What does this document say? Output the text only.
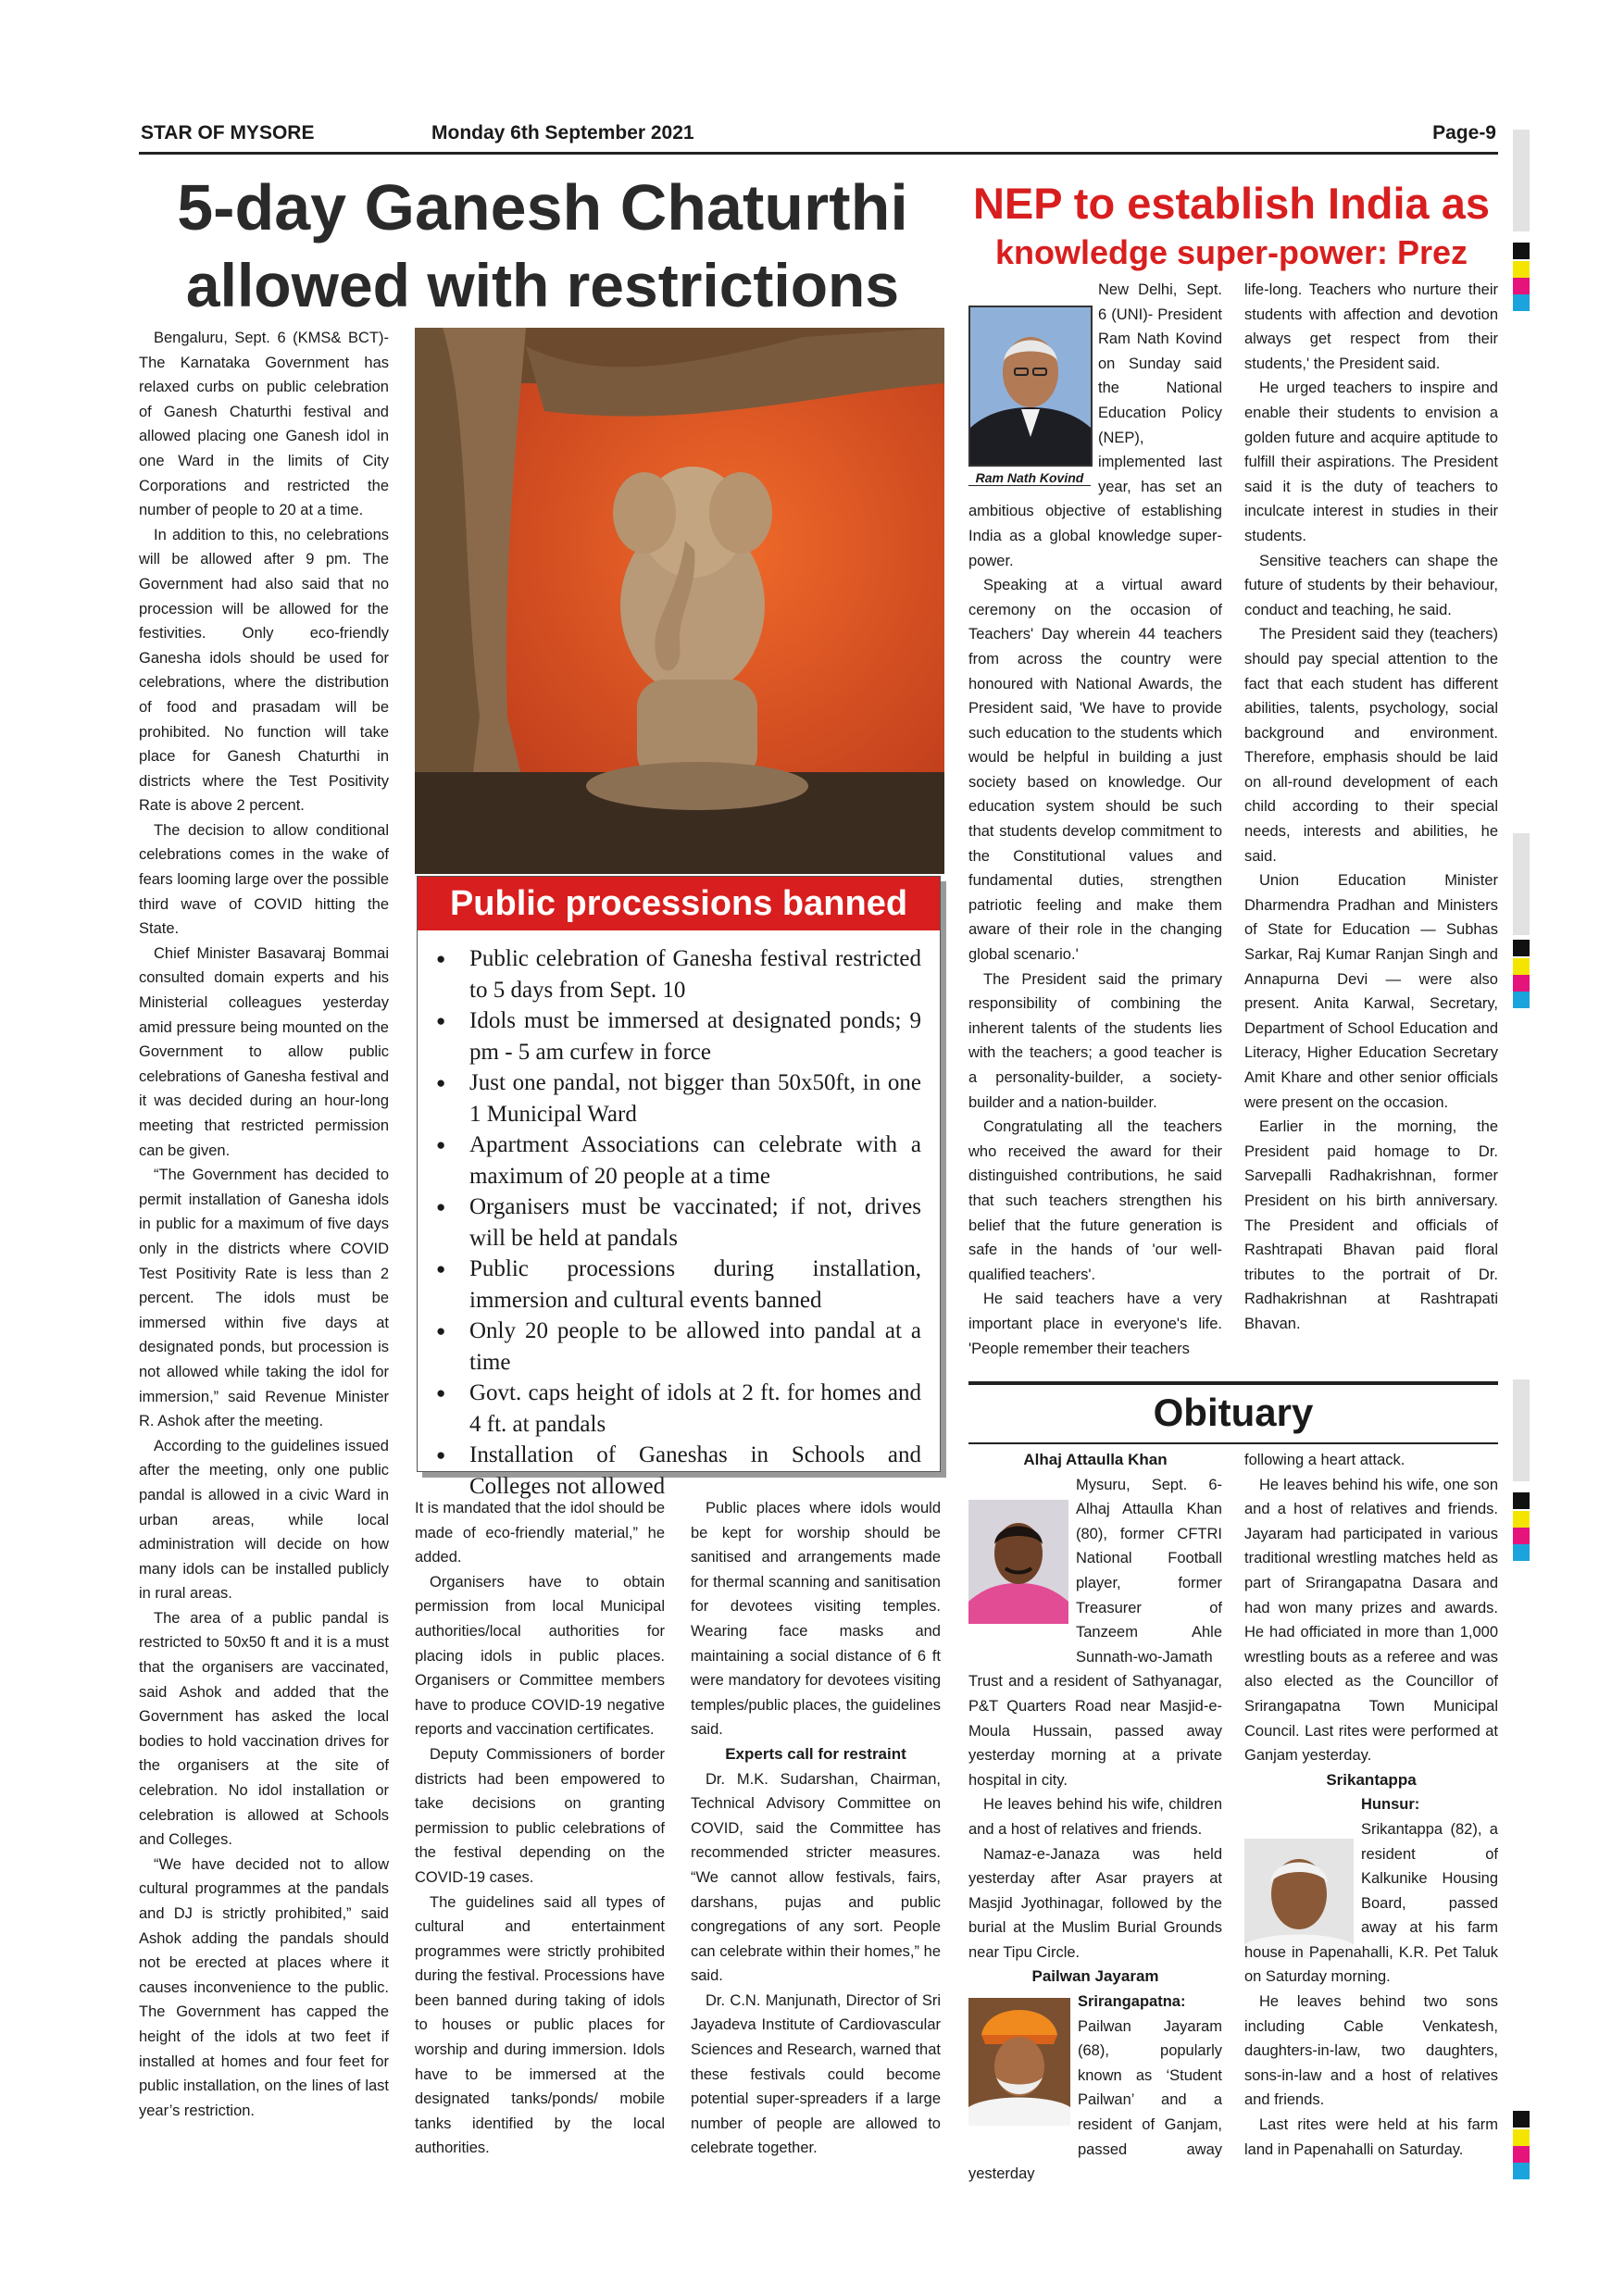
STAR OF MYSORE	Monday 6th September 2021	Page-9
5-day Ganesh Chaturthi
allowed with restrictions

Bengaluru, Sept. 6 (KMS& BCT)- The Karnataka Government has relaxed curbs on public celebration of Ganesh Chaturthi festival and allowed placing one Ganesh idol in one Ward in the limits of City Corporations and restricted the number of people to 20 at a time.

In addition to this, no celebrations will be allowed after 9 pm. The Government had also said that no procession will be allowed for the festivities. Only eco-friendly Ganesha idols should be used for celebrations, where the distribution of food and prasadam will be prohibited. No function will take place for Ganesh Chaturthi in districts where the Test Positivity Rate is above 2 percent.

The decision to allow conditional celebrations comes in the wake of fears looming large over the possible third wave of COVID hitting the State.

Chief Minister Basavaraj Bommai consulted domain experts and his Ministerial colleagues yesterday amid pressure being mounted on the Government to allow public celebrations of Ganesha festival and it was decided during an hour-long meeting that restricted permission can be given.

“The Government has decided to permit installation of Ganesha idols in public for a maximum of five days only in the districts where COVID Test Positivity Rate is less than 2 percent. The idols must be immersed within five days at designated ponds, but procession is not allowed while taking the idol for immersion,” said Revenue Minister R. Ashok after the meeting.

According to the guidelines issued after the meeting, only one public pandal is allowed in a civic Ward in urban areas, while local administration will decide on how many idols can be installed publicly in rural areas.

The area of a public pandal is restricted to 50x50 ft and it is a must that the organisers are vaccinated, said Ashok and added that the Government has asked the local bodies to hold vaccination drives for the organisers at the site of celebration. No idol installation or celebration is allowed at Schools and Colleges.

“We have decided not to allow cultural programmes at the pandals and DJ is strictly prohibited,” said Ashok adding the pandals should not be erected at places where it causes inconvenience to the public. The Government has capped the height of the idols at two feet if installed at homes and four feet for public installation, on the lines of last year’s restriction.

Public processions banned
● Public celebration of Ganesha festival restricted to 5 days from Sept. 10
● Idols must be immersed at designated ponds; 9 pm - 5 am curfew in force
● Just one pandal, not bigger than 50x50ft, in one 1 Municipal Ward
● Apartment Associations can celebrate with a maximum of 20 people at a time
● Organisers must be vaccinated; if not, drives will be held at pandals
● Public processions during installation, immersion and cultural events banned
● Only 20 people to be allowed into pandal at a time
● Govt. caps height of idols at 2 ft. for homes and 4 ft. at pandals
● Installation of Ganeshas in Schools and Colleges not allowed

It is mandated that the idol should be made of eco-friendly material,” he added.

Organisers have to obtain permission from local Municipal authorities/local authorities for placing idols in public places. Organisers or Committee members have to produce COVID-19 negative reports and vaccination certificates.

Deputy Commissioners of border districts had been empowered to take decisions on granting permission to public celebrations of the festival depending on the COVID-19 cases.

The guidelines said all types of cultural and entertainment programmes were strictly prohibited during the festival. Processions have been banned during taking of idols to houses or public places for worship and during immersion. Idols have to be immersed at the designated tanks/ponds/ mobile tanks identified by the local authorities.

Public places where idols would be kept for worship should be sanitised and arrangements made for thermal scanning and sanitisation for devotees visiting temples. Wearing face masks and maintaining a social distance of 6 ft were mandatory for devotees visiting temples/public places, the guidelines said.

Experts call for restraint

Dr. M.K. Sudarshan, Chairman, Technical Advisory Committee on COVID, said the Committee has recommended stricter measures. “We cannot allow festivals, fairs, darshans, pujas and public congregations of any sort. People can celebrate within their homes,” he said.

Dr. C.N. Manjunath, Director of Sri Jayadeva Institute of Cardiovascular Sciences and Research, warned that these festivals could become potential super-spreaders if a large number of people are allowed to celebrate together.

NEP to establish India as
knowledge super-power: Prez
Ram Nath Kovind

New Delhi, Sept. 6 (UNI)- President Ram Nath Kovind on Sunday said the National Education Policy (NEP), implemented last year, has set an ambitious objective of establishing India as a global knowledge super-power.

Speaking at a virtual award ceremony on the occasion of Teachers' Day wherein 44 teachers from across the country were honoured with National Awards, the President said, 'We have to provide such education to the students which would be helpful in building a just society based on knowledge. Our education system should be such that students develop commitment to the Constitutional values and fundamental duties, strengthen patriotic feeling and make them aware of their role in the changing global scenario.'

The President said the primary responsibility of combining the inherent talents of the students lies with the teachers; a good teacher is a personality-builder, a society-builder and a nation-builder.

Congratulating all the teachers who received the award for their distinguished contributions, he said that such teachers strengthen his belief that the future generation is safe in the hands of 'our well-qualified teachers'.

He said teachers have a very important place in everyone's life. 'People remember their teachers

life-long. Teachers who nurture their students with affection and devotion always get respect from their students,' the President said.

He urged teachers to inspire and enable their students to envision a golden future and acquire aptitude to fulfill their aspirations. The President said it is the duty of teachers to inculcate interest in studies in their students.

Sensitive teachers can shape the future of students by their behaviour, conduct and teaching, he said.

The President said they (teachers) should pay special attention to the fact that each student has different abilities, talents, psychology, social background and environment. Therefore, emphasis should be laid on all-round development of each child according to their special needs, interests and abilities, he said.

Union Education Minister Dharmendra Pradhan and Ministers of State for Education — Subhas Sarkar, Raj Kumar Ranjan Singh and Annapurna Devi — were also present. Anita Karwal, Secretary, Department of School Education and Literacy, Higher Education Secretary Amit Khare and other senior officials were present on the occasion.

Earlier in the morning, the President paid homage to Dr. Sarvepalli Radhakrishnan, former President on his birth anniversary. The President and officials of Rashtrapati Bhavan paid floral tributes to the portrait of Dr. Radhakrishnan at Rashtrapati Bhavan.

Obituary
Alhaj Attaulla Khan

Mysuru, Sept. 6- Alhaj Attaulla Khan (80), former CFTRI National Football player, former Treasurer of Tanzeem Ahle Sunnath-wo-Jamath Trust and a resident of Sathyanagar, P&T Quarters Road near Masjid-e-Moula Hussain, passed away yesterday morning at a private hospital in city.

He leaves behind his wife, children and a host of relatives and friends.

Namaz-e-Janaza was held yesterday after Asar prayers at Masjid Jyothinagar, followed by the burial at the Muslim Burial Grounds near Tipu Circle.

Pailwan Jayaram

Srirangapatna: Pailwan Jayaram (68), popularly known as ‘Student Pailwan’ and a resident of Ganjam, passed away yesterday

following a heart attack.

He leaves behind his wife, one son and a host of relatives and friends. Jayaram had participated in various traditional wrestling matches held as part of Srirangapatna Dasara and had won many prizes and awards. He had officiated in more than 1,000 wrestling bouts as a referee and was also elected as the Councillor of Srirangapatna Town Municipal Council. Last rites were performed at Ganjam yesterday.

Srikantappa

Hunsur: Srikantappa (82), a resident of Kalkunike Housing Board, passed away at his farm house in Papenahalli, K.R. Pet Taluk on Saturday morning.

He leaves behind two sons including Cable Venkatesh, daughters-in-law, two daughters, sons-in-law and a host of relatives and friends.

Last rites were held at his farm land in Papenahalli on Saturday.
